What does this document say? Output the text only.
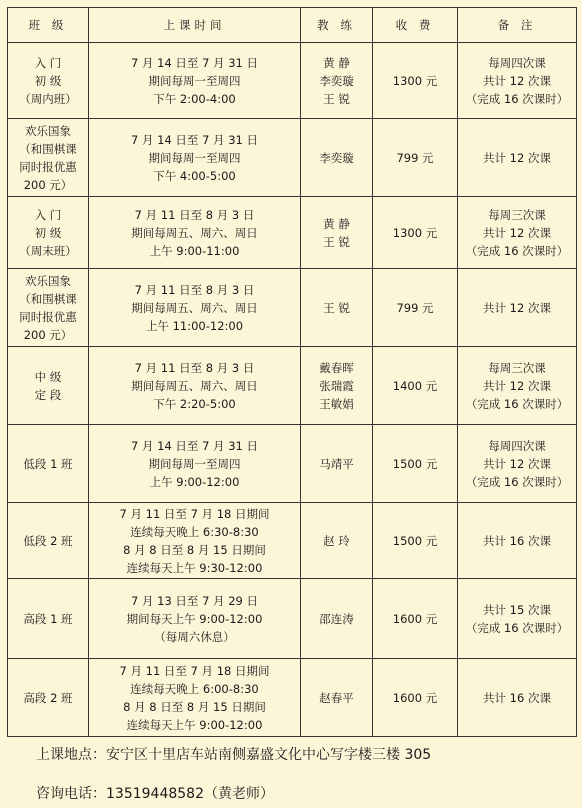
班 级	上课时间	教 练	收 费	备 注

入 门
初 级
（周内班）	7 月 14 日至 7 月 31 日
期间每周一至周四
下午 2:00-4:00	黄 静
李奕璇
王 锐	1300 元	每周四次课
共计 12 次课
（完成 16 次课时）

欢乐国象
（和围棋课
同时报优惠
200 元）	7 月 14 日至 7 月 31 日
期间每周一至周四
下午 4:00-5:00	李奕璇	799 元	共计 12 次课

入 门
初 级
（周末班）	7 月 11 日至 8 月 3 日
期间每周五、周六、周日
上午 9:00-11:00	黄 静
王 锐	1300 元	每周三次课
共计 12 次课
（完成 16 次课时）

欢乐国象
（和围棋课
同时报优惠
200 元）	7 月 11 日至 8 月 3 日
期间每周五、周六、周日
上午 11:00-12:00	王 锐	799 元	共计 12 次课

中 级
定 段	7 月 11 日至 8 月 3 日
期间每周五、周六、周日
下午 2:20-5:00	戴春晖
张瑞霞
王敏娟	1400 元	每周三次课
共计 12 次课
（完成 16 次课时）

低段 1 班	7 月 14 日至 7 月 31 日
期间每周一至周四
上午 9:00-12:00	马靖平	1500 元	每周四次课
共计 12 次课
（完成 16 次课时）

低段 2 班	7 月 11 日至 7 月 18 日期间
连续每天晚上 6:30-8:30
8 月 8 日至 8 月 15 日期间
连续每天上午 9:30-12:00	赵 玲	1500 元	共计 16 次课

高段 1 班	7 月 13 日至 7 月 29 日
期间每天上午 9:00-12:00
（每周六休息）	邵连涛	1600 元	共计 15 次课
（完成 16 次课时）

高段 2 班	7 月 11 日至 7 月 18 日期间
连续每天晚上 6:00-8:30
8 月 8 日至 8 月 15 日期间
连续每天上午 9:00-12:00	赵春平	1600 元	共计 16 次课
上课地点：安宁区十里店车站南侧嘉盛文化中心写字楼三楼 305
咨询电话：13519448582（黄老师）
